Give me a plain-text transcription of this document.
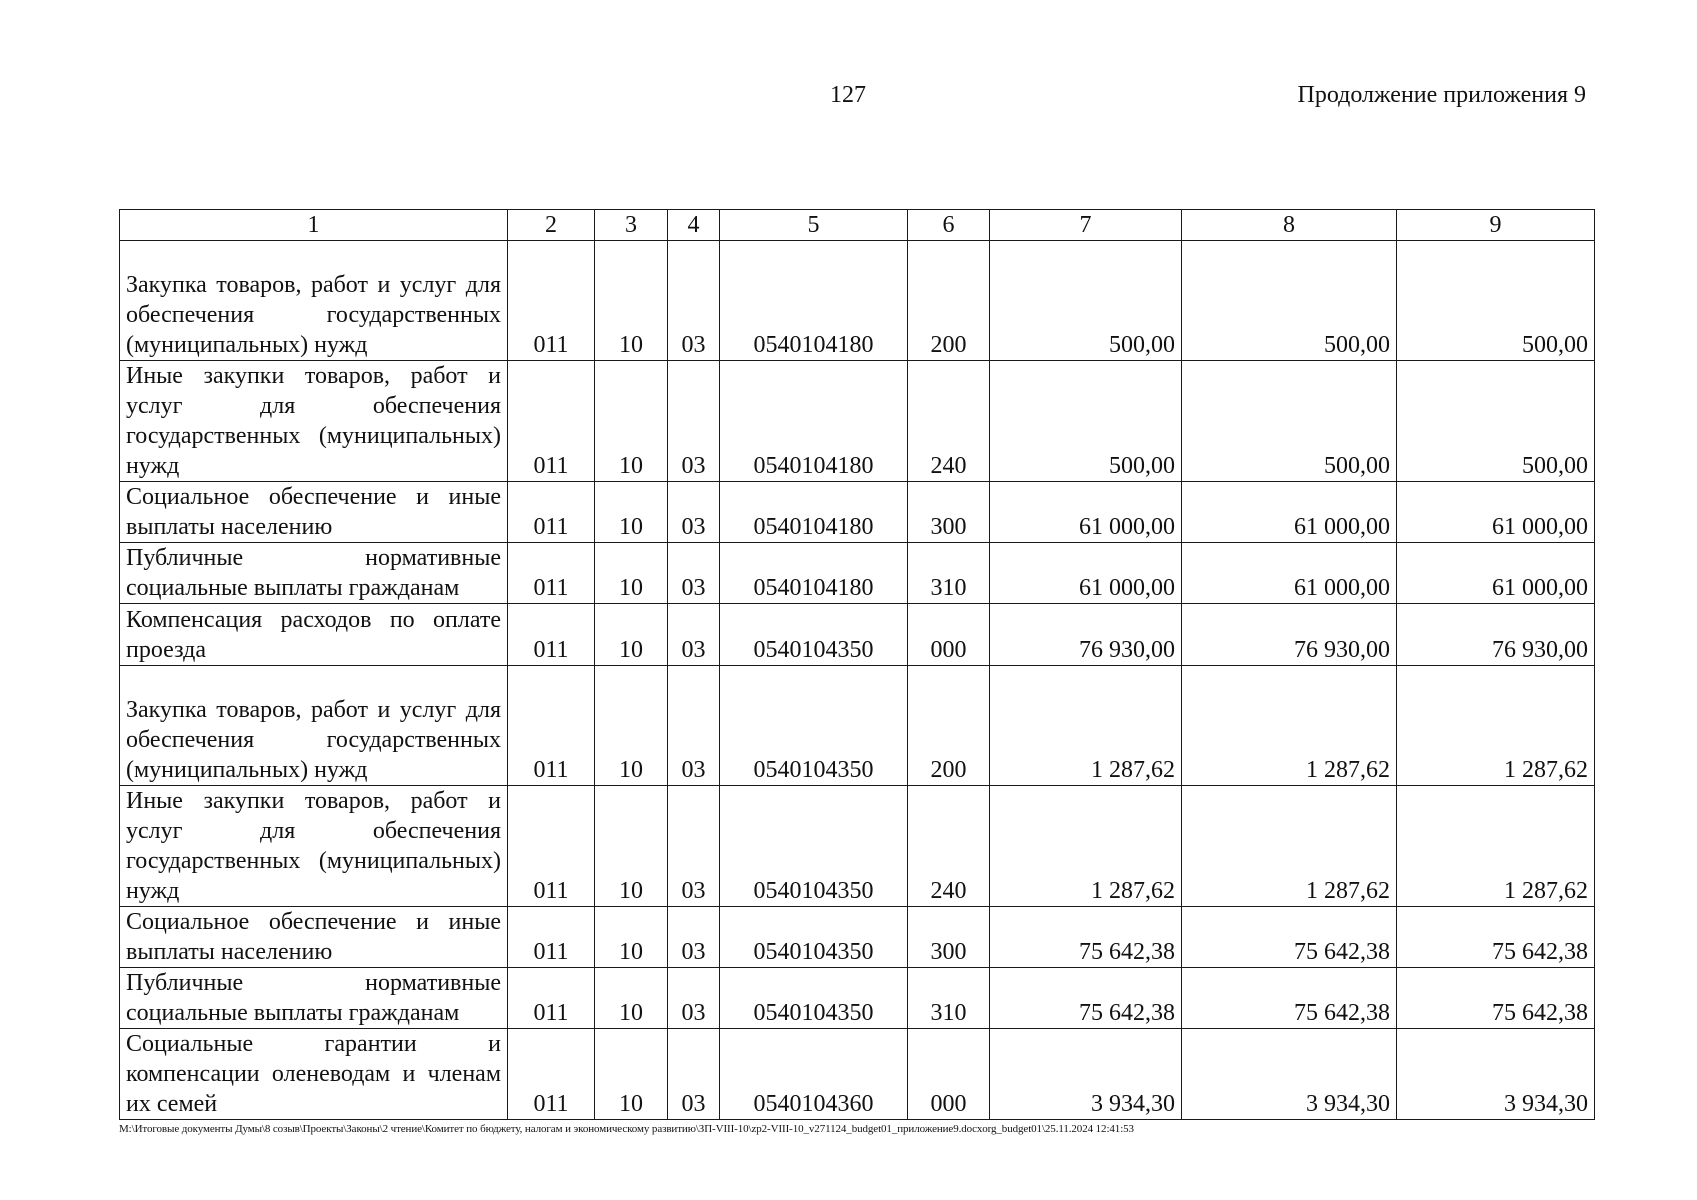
127	Продолжение приложения 9
1	2	3	4	5	6	7	8	9
Закупка товаров, работ и услуг для обеспечения государственных (муниципальных) нужд	011	10	03	0540104180	200	500,00	500,00	500,00
Иные закупки товаров, работ и услуг для обеспечения государственных (муниципальных) нужд	011	10	03	0540104180	240	500,00	500,00	500,00
Социальное обеспечение и иные выплаты населению	011	10	03	0540104180	300	61 000,00	61 000,00	61 000,00
Публичные нормативные социальные выплаты гражданам	011	10	03	0540104180	310	61 000,00	61 000,00	61 000,00
Компенсация расходов по оплате проезда	011	10	03	0540104350	000	76 930,00	76 930,00	76 930,00
Закупка товаров, работ и услуг для обеспечения государственных (муниципальных) нужд	011	10	03	0540104350	200	1 287,62	1 287,62	1 287,62
Иные закупки товаров, работ и услуг для обеспечения государственных (муниципальных) нужд	011	10	03	0540104350	240	1 287,62	1 287,62	1 287,62
Социальное обеспечение и иные выплаты населению	011	10	03	0540104350	300	75 642,38	75 642,38	75 642,38
Публичные нормативные социальные выплаты гражданам	011	10	03	0540104350	310	75 642,38	75 642,38	75 642,38
Социальные гарантии и компенсации оленеводам и членам их семей	011	10	03	0540104360	000	3 934,30	3 934,30	3 934,30
М:\Итоговые документы Думы\8 созыв\Проекты\Законы\2 чтение\Комитет по бюджету, налогам и экономическому развитию\ЗП-VIII-10\zp2-VIII-10_v271124_budget01_приложение9.docxorg_budget01\25.11.2024 12:41:53
